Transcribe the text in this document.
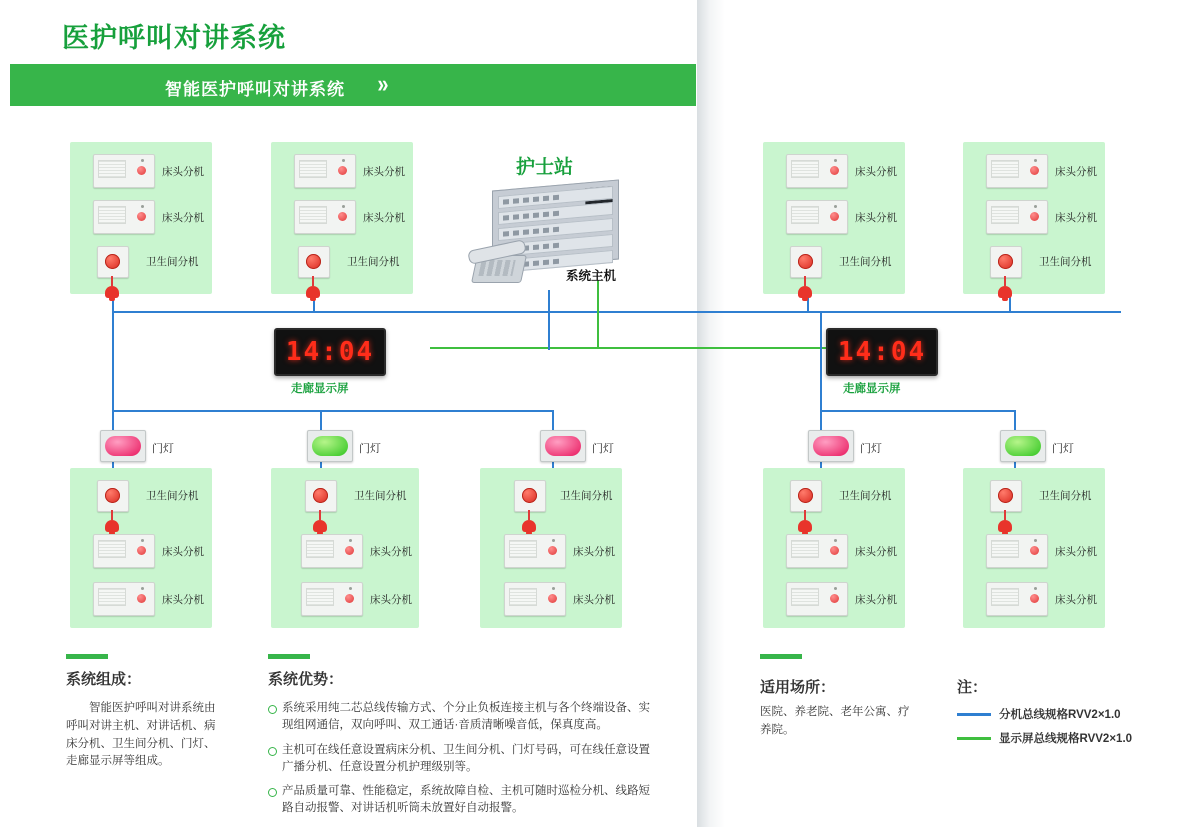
医护呼叫对讲系统
智能医护呼叫对讲系统 »
床头分机
床头分机
卫生间分机
床头分机
床头分机
卫生间分机
护士站
系统主机
床头分机
床头分机
卫生间分机
床头分机
床头分机
卫生间分机
14:04
走廊显示屏
14:04
走廊显示屏
门灯	门灯	门灯	门灯	门灯
卫生间分机
床头分机
床头分机
卫生间分机
床头分机
床头分机
卫生间分机
床头分机
床头分机
卫生间分机
床头分机
床头分机
卫生间分机
床头分机
床头分机
系统组成：
智能医护呼叫对讲系统由呼叫对讲主机、对讲话机、病床分机、卫生间分机、门灯、走廊显示屏等组成。
系统优势：
系统采用纯二芯总线传输方式、个分止负板连接主机与各个终端设备、实现组网通信，双向呼叫、双工通话·音质清晰噪音低，保真度高。
主机可在线任意设置病床分机、卫生间分机、门灯号码，可在线任意设置广播分机、任意设置分机护理级别等。
产品质量可靠、性能稳定，系统故障自检、主机可随时巡检分机、线路短路自动报警、对讲话机听筒未放置好自动报警。
适用场所：
医院、养老院、老年公寓、疗养院。
注：
分机总线规格RVV2×1.0
显示屏总线规格RVV2×1.0
